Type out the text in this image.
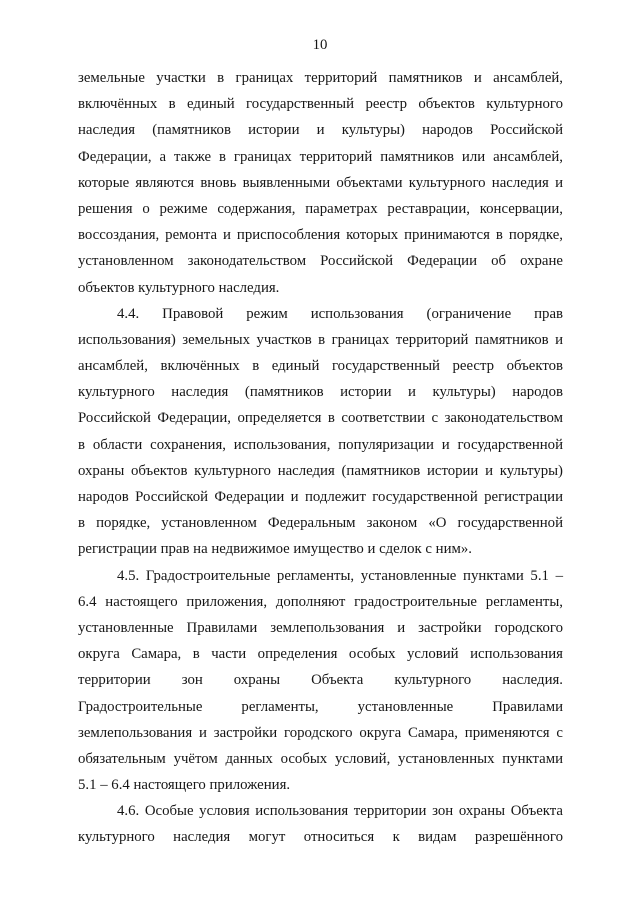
10
земельные участки в границах территорий памятников и ансамблей,
включённых в единый государственный реестр объектов культурного
наследия (памятников истории и культуры) народов Российской
Федерации, а также в границах территорий памятников или ансамблей,
которые являются вновь выявленными объектами культурного наследия и
решения о режиме содержания, параметрах реставрации, консервации,
воссоздания, ремонта и приспособления которых принимаются в порядке,
установленном законодательством Российской Федерации об охране
объектов культурного наследия.
4.4. Правовой режим использования (ограничение прав
использования) земельных участков в границах территорий памятников и
ансамблей, включённых в единый государственный реестр объектов
культурного наследия (памятников истории и культуры) народов
Российской Федерации, определяется в соответствии с законодательством
в области сохранения, использования, популяризации и государственной
охраны объектов культурного наследия (памятников истории и культуры)
народов Российской Федерации и подлежит государственной регистрации
в порядке, установленном Федеральным законом «О государственной
регистрации прав на недвижимое имущество и сделок с ним».
4.5. Градостроительные регламенты, установленные пунктами 5.1 –
6.4 настоящего приложения, дополняют градостроительные регламенты,
установленные Правилами землепользования и застройки городского
округа Самара, в части определения особых условий использования
территории зон охраны Объекта культурного наследия.
Градостроительные регламенты, установленные Правилами
землепользования и застройки городского округа Самара, применяются с
обязательным учётом данных особых условий, установленных пунктами
5.1 – 6.4 настоящего приложения.
4.6. Особые условия использования территории зон охраны Объекта
культурного наследия могут относиться к видам разрешённого
